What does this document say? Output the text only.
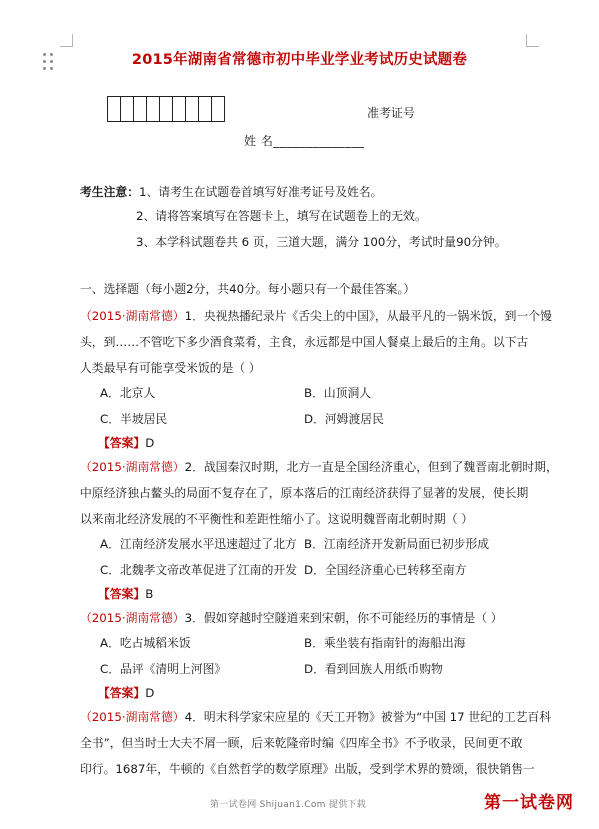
2015年湖南省常德市初中毕业学业考试历史试题卷
准考证号
姓 名______________
考生注意：1、请考生在试题卷首填写好准考证号及姓名。
2、请将答案填写在答题卡上，填写在试题卷上的无效。
3、本学科试题卷共 6 页，三道大题，满分 100分，考试时量90分钟。
一、选择题（每小题2分，共40分。每小题只有一个最佳答案。）
（2015·湖南常德）1．央视热播纪录片《舌尖上的中国》，从最平凡的一锅米饭，到一个馒
头，到……不管吃下多少酒食菜肴，主食，永远都是中国人餐桌上最后的主角。以下古
人类最早有可能享受米饭的是（ ）
A．北京人	B．山顶洞人
C．半坡居民	D．河姆渡居民
【答案】D
（2015·湖南常德）2．战国秦汉时期，北方一直是全国经济重心，但到了魏晋南北朝时期，
中原经济独占鳌头的局面不复存在了，原本落后的江南经济获得了显著的发展，使长期
以来南北经济发展的不平衡性和差距性缩小了。这说明魏晋南北朝时期（ ）
A．江南经济发展水平迅速超过了北方 B．江南经济开发新局面已初步形成
C．北魏孝文帝改革促进了江南的开发 D．全国经济重心已转移至南方
【答案】B
（2015·湖南常德）3．假如穿越时空隧道来到宋朝，你不可能经历的事情是（ ）
A．吃占城稻米饭	B．乘坐装有指南针的海船出海
C．品评《清明上河图》	D．看到回族人用纸币购物
【答案】D
（2015·湖南常德）4．明末科学家宋应星的《天工开物》被誉为“中国 17 世纪的工艺百科
全书”，但当时士大夫不屑一顾，后来乾隆帝时编《四库全书》不予收录，民间更不敢
印行。1687年，牛顿的《自然哲学的数学原理》出版，受到学术界的赞颂，很快销售一
第一试卷网 Shijuan1.Com 提供下载	第一试卷网
